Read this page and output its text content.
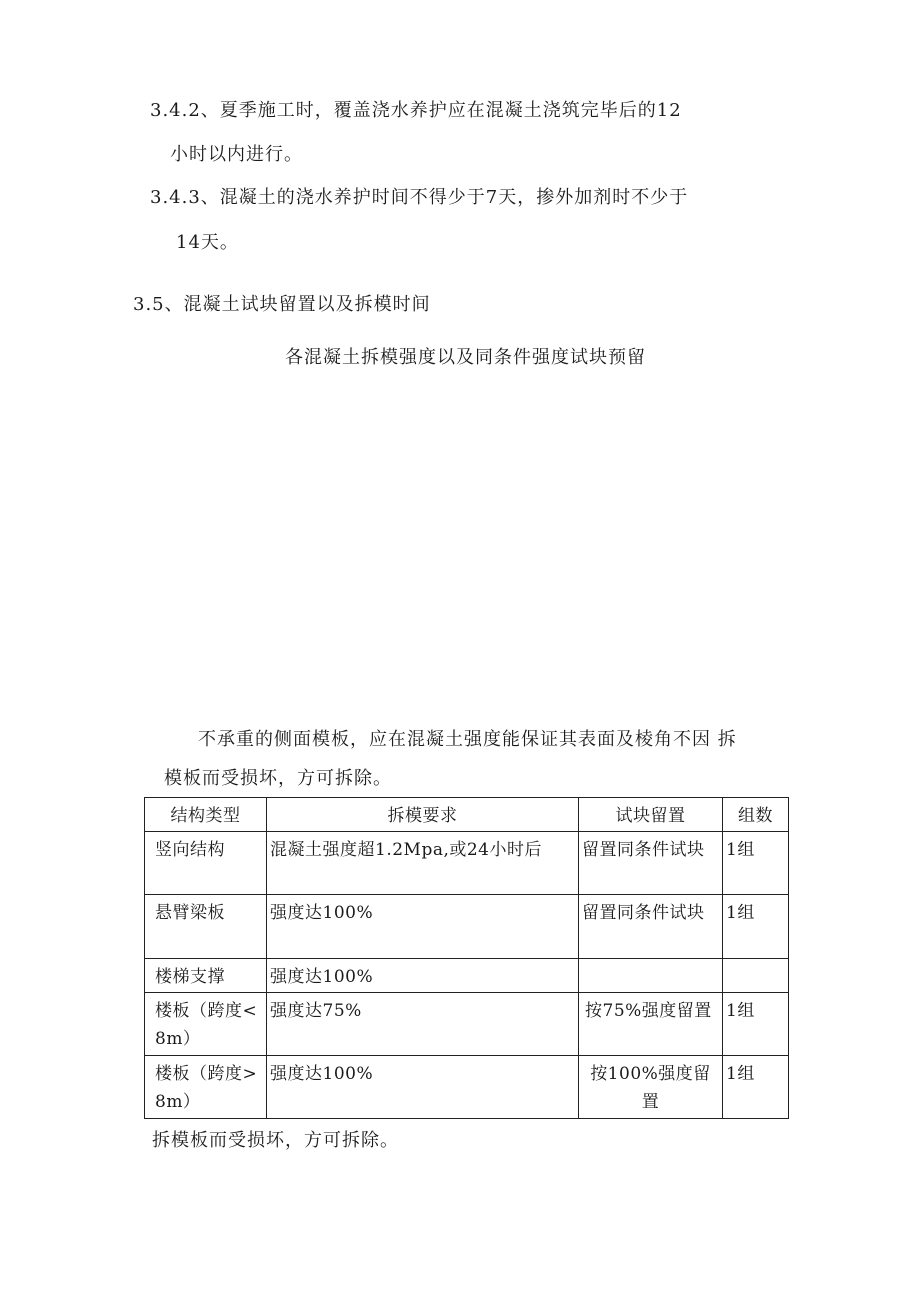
3.4.2、夏季施工时，覆盖浇水养护应在混凝土浇筑完毕后的12
小时以内进行。
3.4.3、混凝土的浇水养护时间不得少于7天，掺外加剂时不少于
14天。
3.5、混凝土试块留置以及拆模时间
各混凝土拆模强度以及同条件强度试块预留
不承重的侧面模板，应在混凝土强度能保证其表面及棱角不因 拆
模板而受损坏，方可拆除。
结构类型	拆模要求	试块留置	组数
竖向结构	混凝土强度超1.2Mpa,或24小时后	留置同条件试块	1组
悬臂梁板	强度达100%	留置同条件试块	1组
楼梯支撑	强度达100%		
楼板（跨度<8m）	强度达75%	按75%强度留置	1组
楼板（跨度>8m）	强度达100%	按100%强度留置	1组
拆模板而受损坏，方可拆除。
